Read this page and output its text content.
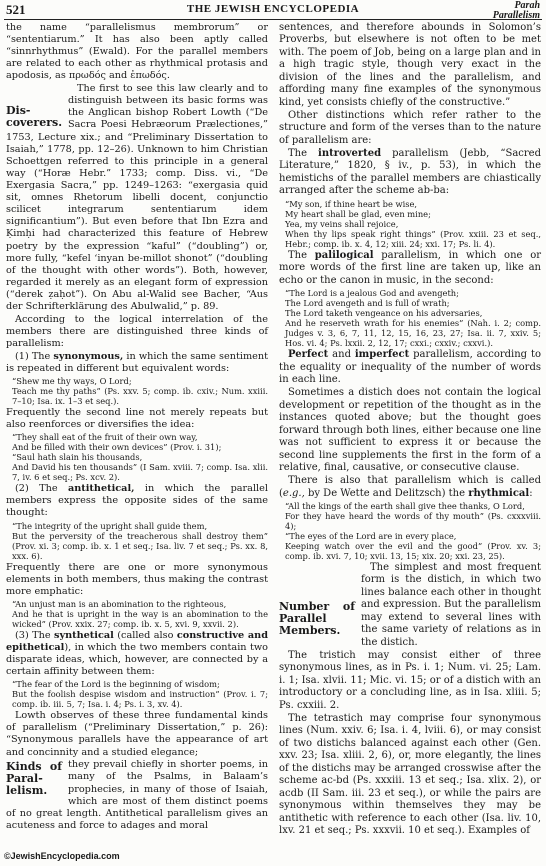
521	THE JEWISH ENCYCLOPEDIA	Parah
Parallelism

the name “parallelismus membrorum” or “sententiarum.” It has also been aptly called “sinnrhythmus” (Ewald). For the parallel members are related to each other as rhythmical protasis and apodosis, as πρωδός and ἐπωδός.

Discoverers.
The first to see this law clearly and to distinguish between its basic forms was the Anglican bishop Robert Lowth (“De Sacra Poesi Hebræorum Prælectiones,” 1753, Lecture xix.; and “Preliminary Dissertation to Isaiah,” 1778, pp. 12–26). Unknown to him Christian Schoettgen referred to this principle in a general way (“Horæ Hebr.” 1733; comp. Diss. vi., “De Exergasia Sacra,” pp. 1249–1263: “exergasia quid sit, omnes Rhetorum libelli docent, conjunctio scilicet integrarum sententiarum idem significantium”). But even before that Ibn Ezra and Ḳimḥi had characterized this feature of Hebrew poetry by the expression “kaful” (“doubling”) or, more fully, “kefel ‘inyan be-millot shonot” (“doubling of the thought with other words”). Both, however, regarded it merely as an elegant form of expression (“derek ẓaḥot”). On Abu al-Walid see Bacher, “Aus der Schrifterklärung des Abulwalid,” p. 89.

According to the logical interrelation of the members there are distinguished three kinds of parallelism:

(1) The synonymous, in which the same sentiment is repeated in different but equivalent words:

“Shew me thy ways, O Lord;
Teach me thy paths” (Ps. xxv. 5; comp. ib. cxiv.; Num. xxiii. 7–10; Isa. ix. 1–3 et seq.).

Frequently the second line not merely repeats but also reenforces or diversifies the idea:

“They shall eat of the fruit of their own way,
And be filled with their own devices” (Prov. i. 31);
“Saul hath slain his thousands,
And David his ten thousands” (I Sam. xviii. 7; comp. Isa. xlii. 7, iv. 6 et seq.; Ps. xcv. 2).

(2) The antithetical, in which the parallel members express the opposite sides of the same thought:

“The integrity of the upright shall guide them,
But the perversity of the treacherous shall destroy them” (Prov. xi. 3; comp. ib. x. 1 et seq.; Isa. liv. 7 et seq.; Ps. xx. 8, xxx. 6).

Frequently there are one or more synonymous elements in both members, thus making the contrast more emphatic:

“An unjust man is an abomination to the righteous,
And he that is upright in the way is an abomination to the wicked” (Prov. xxix. 27; comp. ib. x. 5, xvi. 9, xxvii. 2).

(3) The synthetical (called also constructive and epithetical), in which the two members contain two disparate ideas, which, however, are connected by a certain affinity between them:

“The fear of the Lord is the beginning of wisdom;
But the foolish despise wisdom and instruction” (Prov. i. 7; comp. ib. iii. 5, 7; Isa. i. 4; Ps. i. 3, xv. 4).

Lowth observes of these three fundamental kinds of parallelism (“Preliminary Dissertation,” p. 26): “Synonymous parallels have the appearance of art and concinnity and a studied elegance;

Kinds of Parallelism.
they prevail chiefly in shorter poems, in many of the Psalms, in Balaam’s prophecies, in many of those of Isaiah, which are most of them distinct poems of no great length. Antithetical parallelism gives an acuteness and force to adages and moral

sentences, and therefore abounds in Solomon’s Proverbs, but elsewhere is not often to be met with. The poem of Job, being on a large plan and in a high tragic style, though very exact in the division of the lines and the parallelism, and affording many fine examples of the synonymous kind, yet consists chiefly of the constructive.”

Other distinctions which refer rather to the structure and form of the verses than to the nature of parallelism are:

The introverted parallelism (Jebb, “Sacred Literature,” 1820, § iv., p. 53), in which the hemistichs of the parallel members are chiastically arranged after the scheme ab-ba:

“My son, if thine heart be wise,
My heart shall be glad, even mine;
Yea, my veins shall rejoice,
When thy lips speak right things” (Prov. xxiii. 23 et seq., Hebr.; comp. ib. x. 4, 12; xiii. 24; xxi. 17; Ps. li. 4).

The palilogical parallelism, in which one or more words of the first line are taken up, like an echo or the canon in music, in the second:

“The Lord is a jealous God and avengeth;
The Lord avengeth and is full of wrath;
The Lord taketh vengeance on his adversaries,
And he reserveth wrath for his enemies” (Nah. i. 2; comp. Judges v. 3, 6, 7, 11, 12, 15, 16, 23, 27; Isa. ii. 7, xxiv. 5; Hos. vi. 4; Ps. lxxii. 2, 12, 17; cxxi.; cxxiv.; cxxvi.).

Perfect and imperfect parallelism, according to the equality or inequality of the number of words in each line.

Sometimes a distich does not contain the logical development or repetition of the thought as in the instances quoted above; but the thought goes forward through both lines, either because one line was not sufficient to express it or because the second line supplements the first in the form of a relative, final, causative, or consecutive clause.

There is also that parallelism which is called (e.g., by De Wette and Delitzsch) the rhythmical:

“All the kings of the earth shall give thee thanks, O Lord,
For they have heard the words of thy mouth” (Ps. cxxxviii. 4);
“The eyes of the Lord are in every place,
Keeping watch over the evil and the good” (Prov. xv. 3; comp. ib. xvi. 7, 10; xvii. 13, 15; xix. 20; xxi. 23, 25).

Number of Parallel Members.
The simplest and most frequent form is the distich, in which two lines balance each other in thought and expression. But the parallelism may extend to several lines with the same variety of relations as in the distich.

The tristich may consist either of three synonymous lines, as in Ps. i. 1; Num. vi. 25; Lam. i. 1; Isa. xlvii. 11; Mic. vi. 15; or of a distich with an introductory or a concluding line, as in Isa. xliii. 5; Ps. cxxiii. 2.

The tetrastich may comprise four synonymous lines (Num. xxiv. 6; Isa. i. 4, lviii. 6), or may consist of two distichs balanced against each other (Gen. xxv. 23; Isa. xliii. 2, 6), or, more elegantly, the lines of the distichs may be arranged crosswise after the scheme ac-bd (Ps. xxxiii. 13 et seq.; Isa. xlix. 2), or acdb (II Sam. iii. 23 et seq.), or while the pairs are synonymous within themselves they may be antithetic with reference to each other (Isa. liv. 10, lxv. 21 et seq.; Ps. xxxvii. 10 et seq.). Examples of

©JewishEncyclopedia.com
